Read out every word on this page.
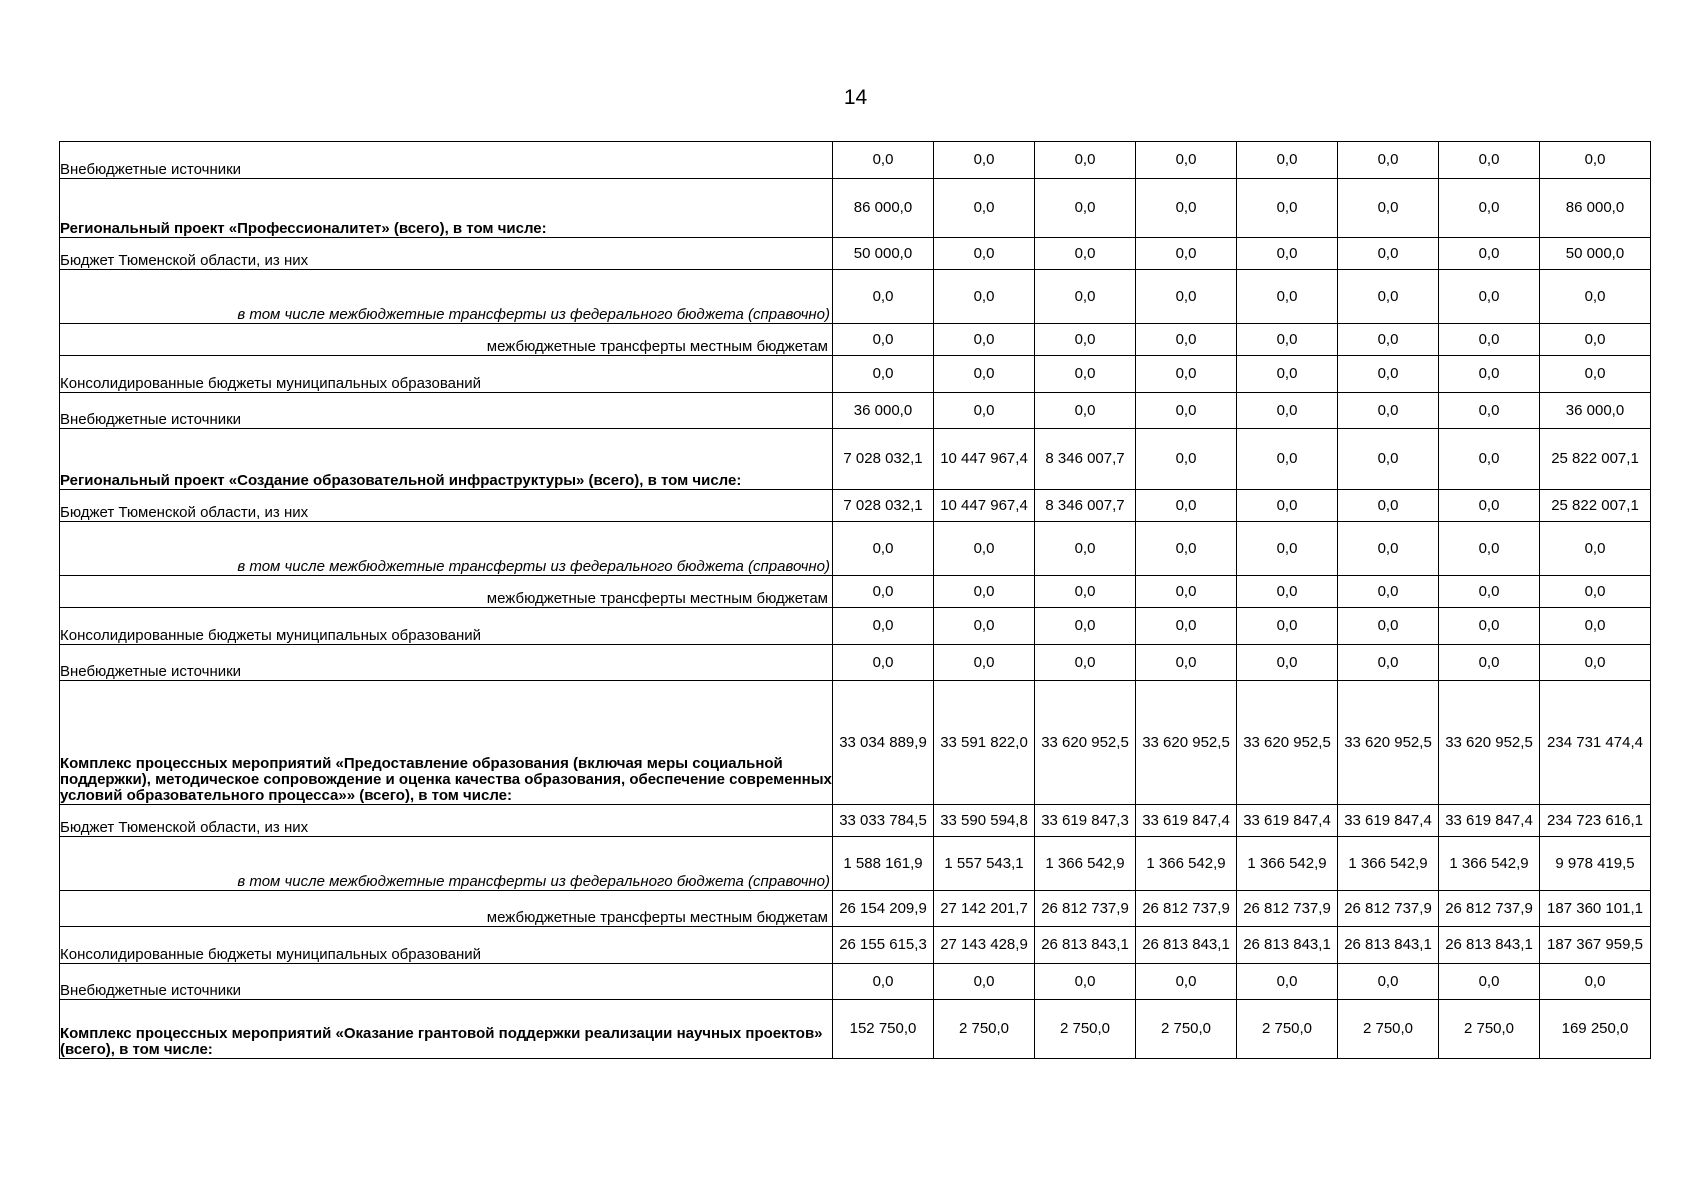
14
Внебюджетные источники	0,0	0,0	0,0	0,0	0,0	0,0	0,0	0,0
Региональный проект «Профессионалитет» (всего), в том числе:	86 000,0	0,0	0,0	0,0	0,0	0,0	0,0	86 000,0
Бюджет Тюменской области, из них	50 000,0	0,0	0,0	0,0	0,0	0,0	0,0	50 000,0
в том числе межбюджетные трансферты из федерального бюджета (справочно)	0,0	0,0	0,0	0,0	0,0	0,0	0,0	0,0
межбюджетные трансферты местным бюджетам	0,0	0,0	0,0	0,0	0,0	0,0	0,0	0,0
Консолидированные бюджеты муниципальных образований	0,0	0,0	0,0	0,0	0,0	0,0	0,0	0,0
Внебюджетные источники	36 000,0	0,0	0,0	0,0	0,0	0,0	0,0	36 000,0
Региональный проект «Создание образовательной инфраструктуры» (всего), в том числе:	7 028 032,1	10 447 967,4	8 346 007,7	0,0	0,0	0,0	0,0	25 822 007,1
Бюджет Тюменской области, из них	7 028 032,1	10 447 967,4	8 346 007,7	0,0	0,0	0,0	0,0	25 822 007,1
в том числе межбюджетные трансферты из федерального бюджета (справочно)	0,0	0,0	0,0	0,0	0,0	0,0	0,0	0,0
межбюджетные трансферты местным бюджетам	0,0	0,0	0,0	0,0	0,0	0,0	0,0	0,0
Консолидированные бюджеты муниципальных образований	0,0	0,0	0,0	0,0	0,0	0,0	0,0	0,0
Внебюджетные источники	0,0	0,0	0,0	0,0	0,0	0,0	0,0	0,0
Комплекс процессных мероприятий «Предоставление образования (включая меры социальной поддержки), методическое сопровождение и оценка качества образования, обеспечение современных условий образовательного процесса»» (всего), в том числе:	33 034 889,9	33 591 822,0	33 620 952,5	33 620 952,5	33 620 952,5	33 620 952,5	33 620 952,5	234 731 474,4
Бюджет Тюменской области, из них	33 033 784,5	33 590 594,8	33 619 847,3	33 619 847,4	33 619 847,4	33 619 847,4	33 619 847,4	234 723 616,1
в том числе межбюджетные трансферты из федерального бюджета (справочно)	1 588 161,9	1 557 543,1	1 366 542,9	1 366 542,9	1 366 542,9	1 366 542,9	1 366 542,9	9 978 419,5
межбюджетные трансферты местным бюджетам	26 154 209,9	27 142 201,7	26 812 737,9	26 812 737,9	26 812 737,9	26 812 737,9	26 812 737,9	187 360 101,1
Консолидированные бюджеты муниципальных образований	26 155 615,3	27 143 428,9	26 813 843,1	26 813 843,1	26 813 843,1	26 813 843,1	26 813 843,1	187 367 959,5
Внебюджетные источники	0,0	0,0	0,0	0,0	0,0	0,0	0,0	0,0
Комплекс процессных мероприятий «Оказание грантовой поддержки реализации научных проектов» (всего), в том числе:	152 750,0	2 750,0	2 750,0	2 750,0	2 750,0	2 750,0	2 750,0	169 250,0
